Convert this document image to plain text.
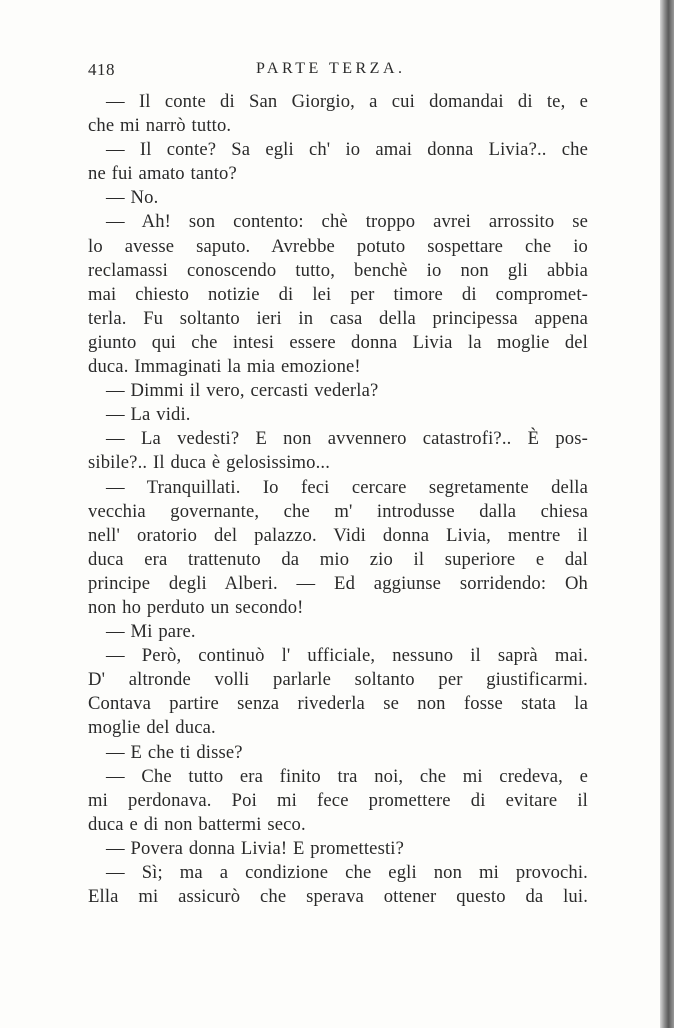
418	PARTE TERZA.
— Il conte di San Giorgio, a cui domandai di te, e
che mi narrò tutto.
— Il conte? Sa egli ch' io amai donna Livia?.. che
ne fui amato tanto?
— No.
— Ah! son contento: chè troppo avrei arrossito se
lo avesse saputo. Avrebbe potuto sospettare che io
reclamassi conoscendo tutto, benchè io non gli abbia
mai chiesto notizie di lei per timore di compromet-
terla. Fu soltanto ieri in casa della principessa appena
giunto qui che intesi essere donna Livia la moglie del
duca. Immaginati la mia emozione!
— Dimmi il vero, cercasti vederla?
— La vidi.
— La vedesti? E non avvennero catastrofi?.. È pos-
sibile?.. Il duca è gelosissimo...
— Tranquillati. Io feci cercare segretamente della
vecchia governante, che m' introdusse dalla chiesa
nell' oratorio del palazzo. Vidi donna Livia, mentre il
duca era trattenuto da mio zio il superiore e dal
principe degli Alberi. — Ed aggiunse sorridendo: Oh
non ho perduto un secondo!
— Mi pare.
— Però, continuò l' ufficiale, nessuno il saprà mai.
D' altronde volli parlarle soltanto per giustificarmi.
Contava partire senza rivederla se non fosse stata la
moglie del duca.
— E che ti disse?
— Che tutto era finito tra noi, che mi credeva, e
mi perdonava. Poi mi fece promettere di evitare il
duca e di non battermi seco.
— Povera donna Livia! E promettesti?
— Sì; ma a condizione che egli non mi provochi.
Ella mi assicurò che sperava ottener questo da lui.
